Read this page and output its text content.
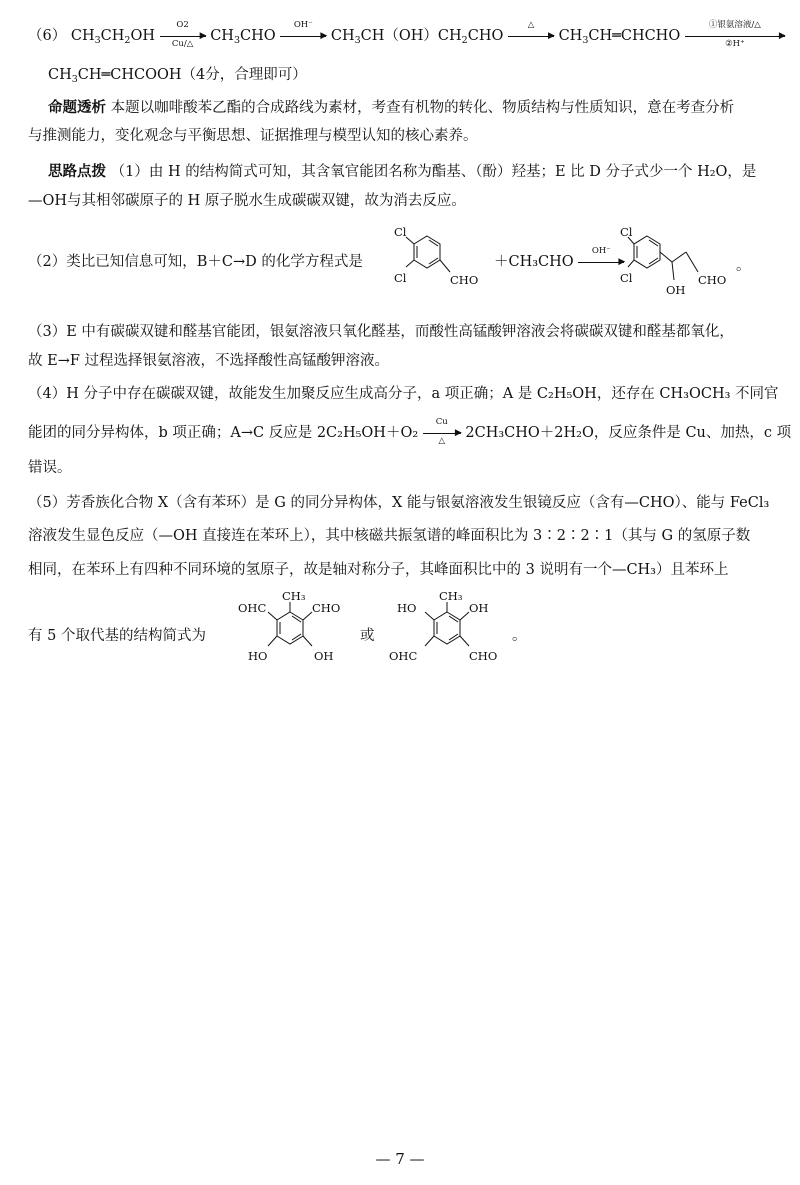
（6） $CH_3CH_2OH$
O2
▶
Cu/△ $CH_3CHO$
OH⁻
▶ $CH_3CH(OH)CH_2CHO$
△
▶ $CH_3CH═CHCHO$
①银氨溶液/△
▶
②H⁺
$CH_3CH═CHCOOH(4$分，合理即可）
命题透析 本题以咖啡酸苯乙酯的合成路线为素材，考查有机物的转化、物质结构与性质知识，意在考查分析
与推测能力，变化观念与平衡思想、证据推理与模型认知的核心素养。
思路点拨 （1）由 H 的结构简式可知，其含氧官能团名称为酯基、（酚）羟基；E 比 D 分子式少一个 H₂O，是
—OH与其相邻碳原子的 H 原子脱水生成碳碳双键，故为消去反应。
（2）类比已知信息可知，B＋C→D 的化学方程式是
Cl
Cl	CHO
＋CH₃CHO
OH⁻
▶
Cl
Cl
OH
CHO
。
（3）E 中有碳碳双键和醛基官能团，银氨溶液只氧化醛基，而酸性高锰酸钾溶液会将碳碳双键和醛基都氧化，
故 E→F 过程选择银氨溶液，不选择酸性高锰酸钾溶液。
（4）H 分子中存在碳碳双键，故能发生加聚反应生成高分子，a 项正确；A 是 C₂H₅OH，还存在 CH₃OCH₃ 不同官
能团的同分异构体，b 项正确；A→C 反应是 2C₂H₅OH＋O₂
Cu
▶
△	2CH₃CHO＋2H₂O，反应条件是 Cu、加热，c 项
错误。
（5）芳香族化合物 X（含有苯环）是 G 的同分异构体，X 能与银氨溶液发生银镜反应（含有—CHO）、能与 FeCl₃
溶液发生显色反应（—OH 直接连在苯环上），其中核磁共振氢谱的峰面积比为 3∶2∶2∶1（其与 G 的氢原子数
相同，在苯环上有四种不同环境的氢原子，故是轴对称分子，其峰面积比中的 3 说明有一个—CH₃）且苯环上
有 5 个取代基的结构简式为
CH₃
OHC	CHO
HO	OH
或
CH₃
HO	OH
OHC	CHO
。
— 7 —
